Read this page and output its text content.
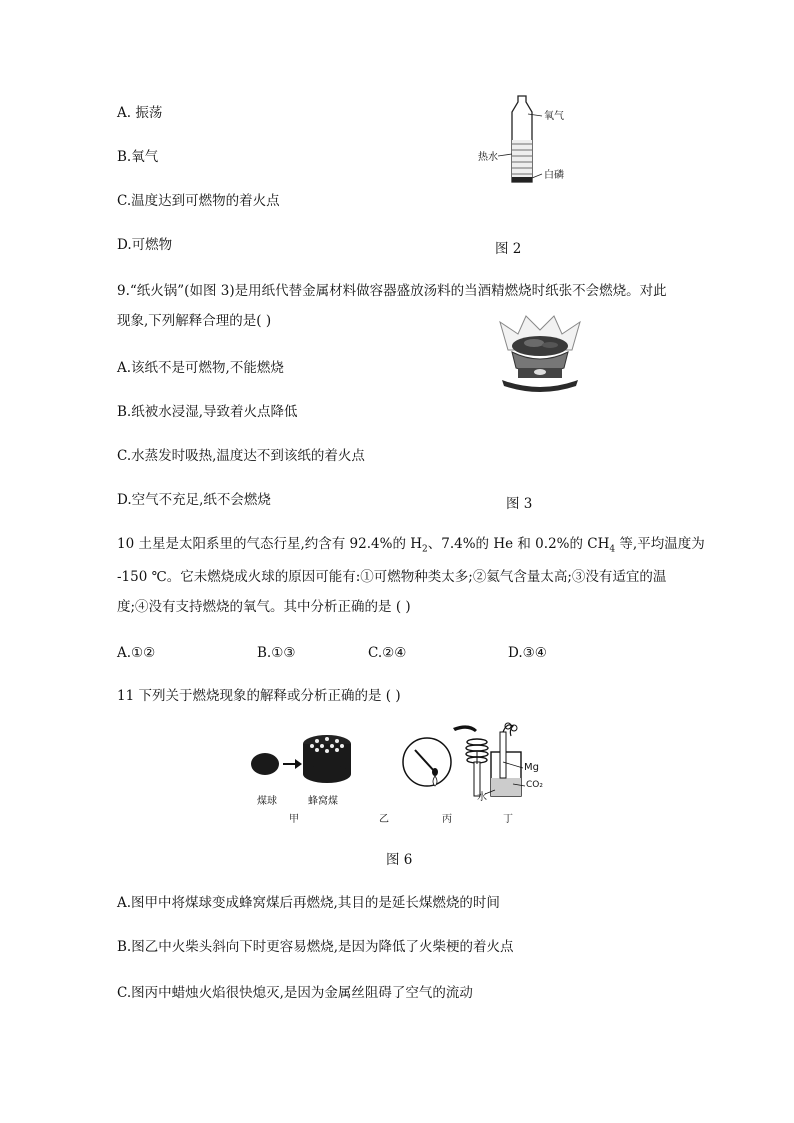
A. 振荡
B.氧气
C.温度达到可燃物的着火点
D.可燃物
氧气
热水
白磷
图 2
9.“纸火锅”(如图 3)是用纸代替金属材料做容器盛放汤料的当酒精燃烧时纸张不会燃烧。对此
现象,下列解释合理的是( )
A.该纸不是可燃物,不能燃烧
B.纸被水浸湿,导致着火点降低
C.水蒸发时吸热,温度达不到该纸的着火点
D.空气不充足,纸不会燃烧	图 3
10 土星是太阳系里的气态行星,约含有 92.4%的 $H_2$、7.4%的 He 和 0.2%的 $CH_4$ 等,平均温度为
-150 ℃。它未燃烧成火球的原因可能有:①可燃物种类太多;②氦气含量太高;③没有适宜的温
度;④没有支持燃烧的氧气。其中分析正确的是 ( )
A.①②	B.①③	C.②④	D.③④
11 下列关于燃烧现象的解释或分析正确的是 ( )
煤球	蜂窝煤
甲	乙	丙	丁
Mg
CO₂
水
图 6
A.图甲中将煤球变成蜂窝煤后再燃烧,其目的是延长煤燃烧的时间
B.图乙中火柴头斜向下时更容易燃烧,是因为降低了火柴梗的着火点
C.图丙中蜡烛火焰很快熄灭,是因为金属丝阻碍了空气的流动
